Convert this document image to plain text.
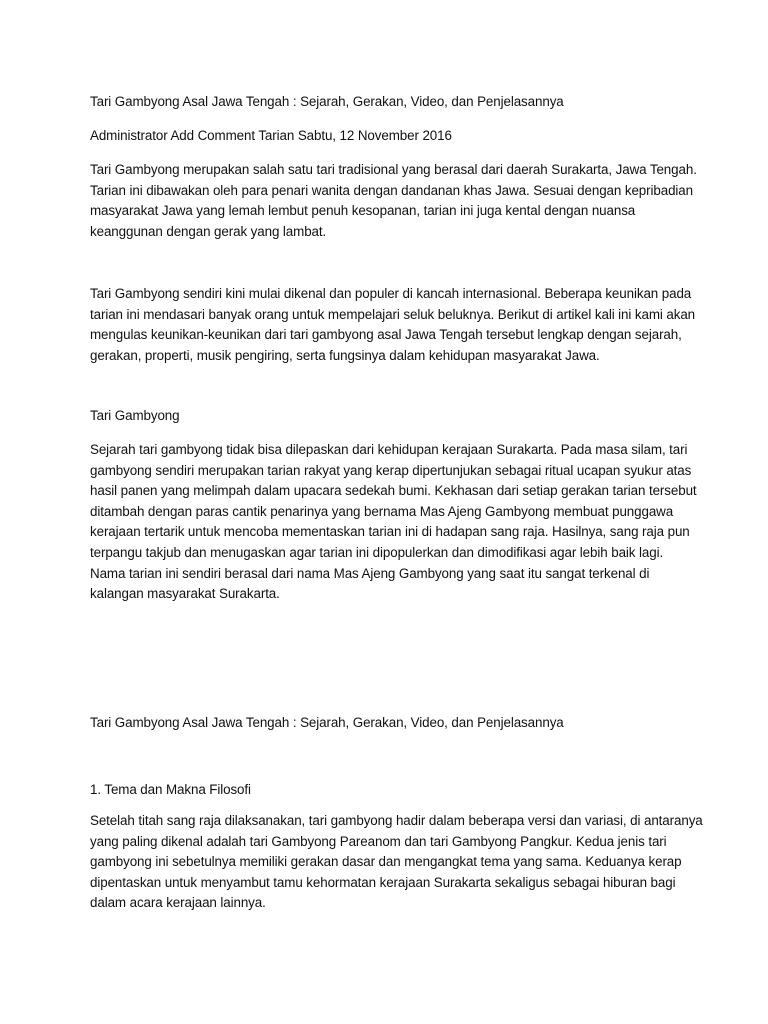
Tari Gambyong Asal Jawa Tengah : Sejarah, Gerakan, Video, dan Penjelasannya

Administrator Add Comment Tarian Sabtu, 12 November 2016

Tari Gambyong merupakan salah satu tari tradisional yang berasal dari daerah Surakarta, Jawa Tengah.
Tarian ini dibawakan oleh para penari wanita dengan dandanan khas Jawa. Sesuai dengan kepribadian
masyarakat Jawa yang lemah lembut penuh kesopanan, tarian ini juga kental dengan nuansa
keanggunan dengan gerak yang lambat.
Tari Gambyong sendiri kini mulai dikenal dan populer di kancah internasional. Beberapa keunikan pada
tarian ini mendasari banyak orang untuk mempelajari seluk beluknya. Berikut di artikel kali ini kami akan
mengulas keunikan-keunikan dari tari gambyong asal Jawa Tengah tersebut lengkap dengan sejarah,
gerakan, properti, musik pengiring, serta fungsinya dalam kehidupan masyarakat Jawa.

Tari Gambyong

Sejarah tari gambyong tidak bisa dilepaskan dari kehidupan kerajaan Surakarta. Pada masa silam, tari
gambyong sendiri merupakan tarian rakyat yang kerap dipertunjukan sebagai ritual ucapan syukur atas
hasil panen yang melimpah dalam upacara sedekah bumi. Kekhasan dari setiap gerakan tarian tersebut
ditambah dengan paras cantik penarinya yang bernama Mas Ajeng Gambyong membuat punggawa
kerajaan tertarik untuk mencoba mementaskan tarian ini di hadapan sang raja. Hasilnya, sang raja pun
terpangu takjub dan menugaskan agar tarian ini dipopulerkan dan dimodifikasi agar lebih baik lagi.
Nama tarian ini sendiri berasal dari nama Mas Ajeng Gambyong yang saat itu sangat terkenal di
kalangan masyarakat Surakarta.

Tari Gambyong Asal Jawa Tengah : Sejarah, Gerakan, Video, dan Penjelasannya

1. Tema dan Makna Filosofi

Setelah titah sang raja dilaksanakan, tari gambyong hadir dalam beberapa versi dan variasi, di antaranya
yang paling dikenal adalah tari Gambyong Pareanom dan tari Gambyong Pangkur. Kedua jenis tari
gambyong ini sebetulnya memiliki gerakan dasar dan mengangkat tema yang sama. Keduanya kerap
dipentaskan untuk menyambut tamu kehormatan kerajaan Surakarta sekaligus sebagai hiburan bagi
dalam acara kerajaan lainnya.
